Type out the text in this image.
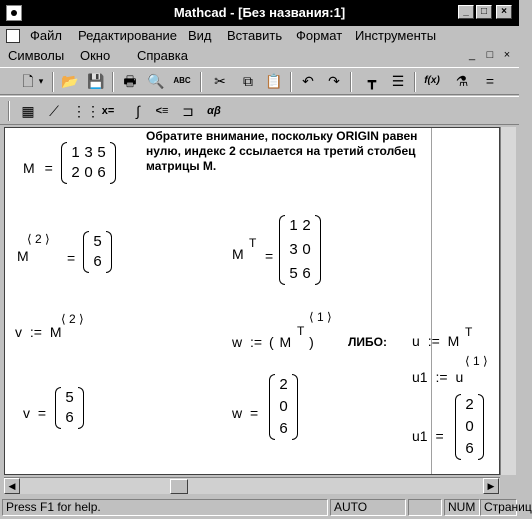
Mathcad - [Без названия:1]	_	□	×
Файл Редактирование Вид Вставить Формат Инструменты
Символы Окно Справка	_	□ ×
🗋 ▾ 📂 💾 🖶 🔍 ABC ✂	⧉ 📋 ↶ ↷	┳	☰	f(x) ⚗	=
▦	⟋ ⋮⋮ x=	∫	<≡ ⊐	αβ
M =
1 3 5
2 0 6
Обратите внимание, поскольку ORIGIN равен нулю, индекс 2 ссылается на третий столбец матрицы M.
M
⟨ 2 ⟩
=
5
6	M
T
=
1 2
3 0
5 6
v := M
⟨ 2 ⟩
w := ( M )
T
⟨ 1 ⟩
ЛИБО: u := M
T
u1 := u
⟨ 1 ⟩
v =
5
6	w =
2
0
6	u1 =
2
0
6
◀	▶
Press F1 for help.	AUTO	NUM Страниц
